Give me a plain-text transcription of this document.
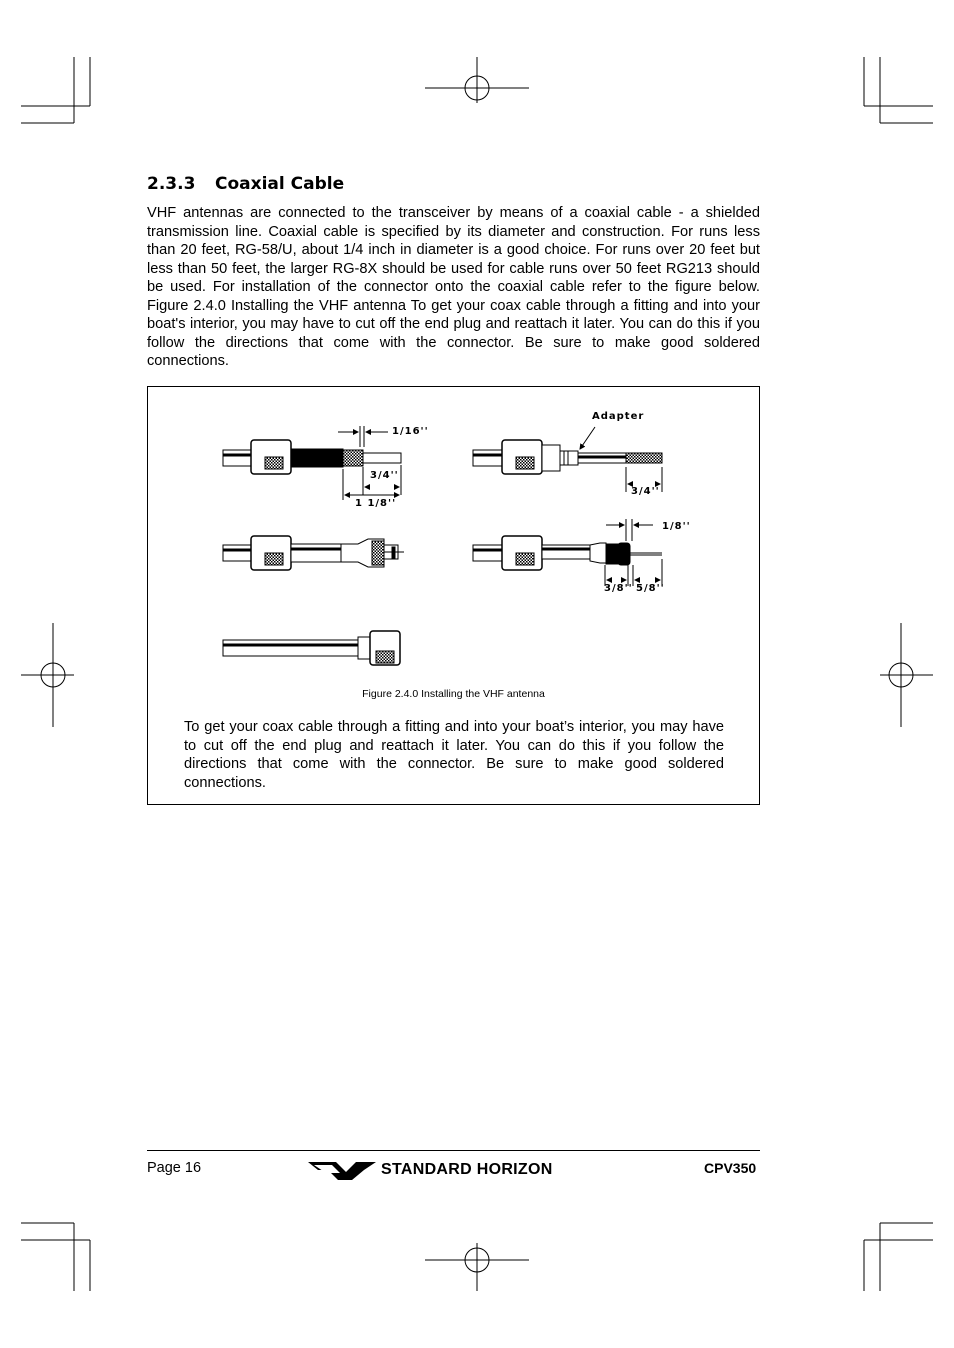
2.3.3 Coaxial Cable
VHF antennas are connected to the transceiver by means of a coaxial cable - a shielded transmission line. Coaxial cable is specified by its diameter and construction. For runs less than 20 feet, RG-58/U, about 1/4 inch in diameter is a good choice. For runs over 20 feet but less than 50 feet, the larger RG-8X should be used for cable runs over 50 feet RG213 should be used. For installation of the connector onto the coaxial cable refer to the figure below. Figure 2.4.0 Installing the VHF antenna To get your coax cable through a fitting and into your boat's interior, you may have to cut off the end plug and reattach it later. You can do this if you follow the directions that come with the connector. Be sure to make good soldered connections.
1/16''
3/4''
1 1/8''
Adapter
3/4''
1/8''
3/8'' 5/8''
Figure 2.4.0 Installing the VHF antenna
To get your coax cable through a fitting and into your boat’s interior, you may have to cut off the end plug and reattach it later. You can do this if you follow the directions that come with the connector. Be sure to make good soldered connections.
Page 16	STANDARD HORIZON	CPV350
